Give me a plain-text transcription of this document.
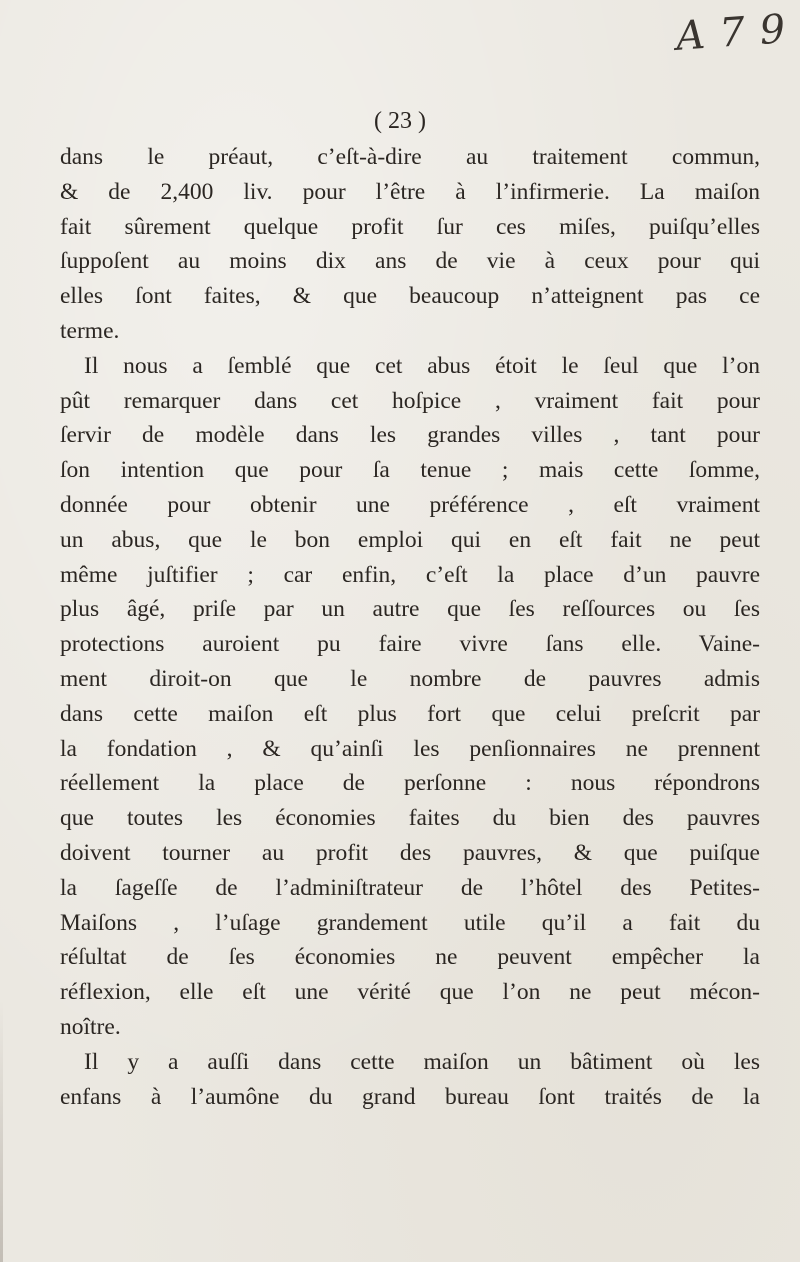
A 7 9
( 23 )
dans le préaut, c’eſt-à-dire au traitement commun,
& de 2,400 liv. pour l’être à l’infirmerie. La maiſon
fait sûrement quelque profit ſur ces miſes, puiſqu’elles
ſuppoſent au moins dix ans de vie à ceux pour qui
elles ſont faites, & que beaucoup n’atteignent pas ce
terme.
Il nous a ſemblé que cet abus étoit le ſeul que l’on
pût remarquer dans cet hoſpice , vraiment fait pour
ſervir de modèle dans les grandes villes , tant pour
ſon intention que pour ſa tenue ; mais cette ſomme,
donnée pour obtenir une préférence , eſt vraiment
un abus, que le bon emploi qui en eſt fait ne peut
même juſtifier ; car enfin, c’eſt la place d’un pauvre
plus âgé, priſe par un autre que ſes reſſources ou ſes
protections auroient pu faire vivre ſans elle. Vaine-
ment diroit-on que le nombre de pauvres admis
dans cette maiſon eſt plus fort que celui preſcrit par
la fondation , & qu’ainſi les penſionnaires ne prennent
réellement la place de perſonne : nous répondrons
que toutes les économies faites du bien des pauvres
doivent tourner au profit des pauvres, & que puiſque
la ſageſſe de l’adminiſtrateur de l’hôtel des Petites-
Maiſons , l’uſage grandement utile qu’il a fait du
réſultat de ſes économies ne peuvent empêcher la
réflexion, elle eſt une vérité que l’on ne peut mécon-
noître.
Il y a auſſi dans cette maiſon un bâtiment où les
enfans à l’aumône du grand bureau ſont traités de la
